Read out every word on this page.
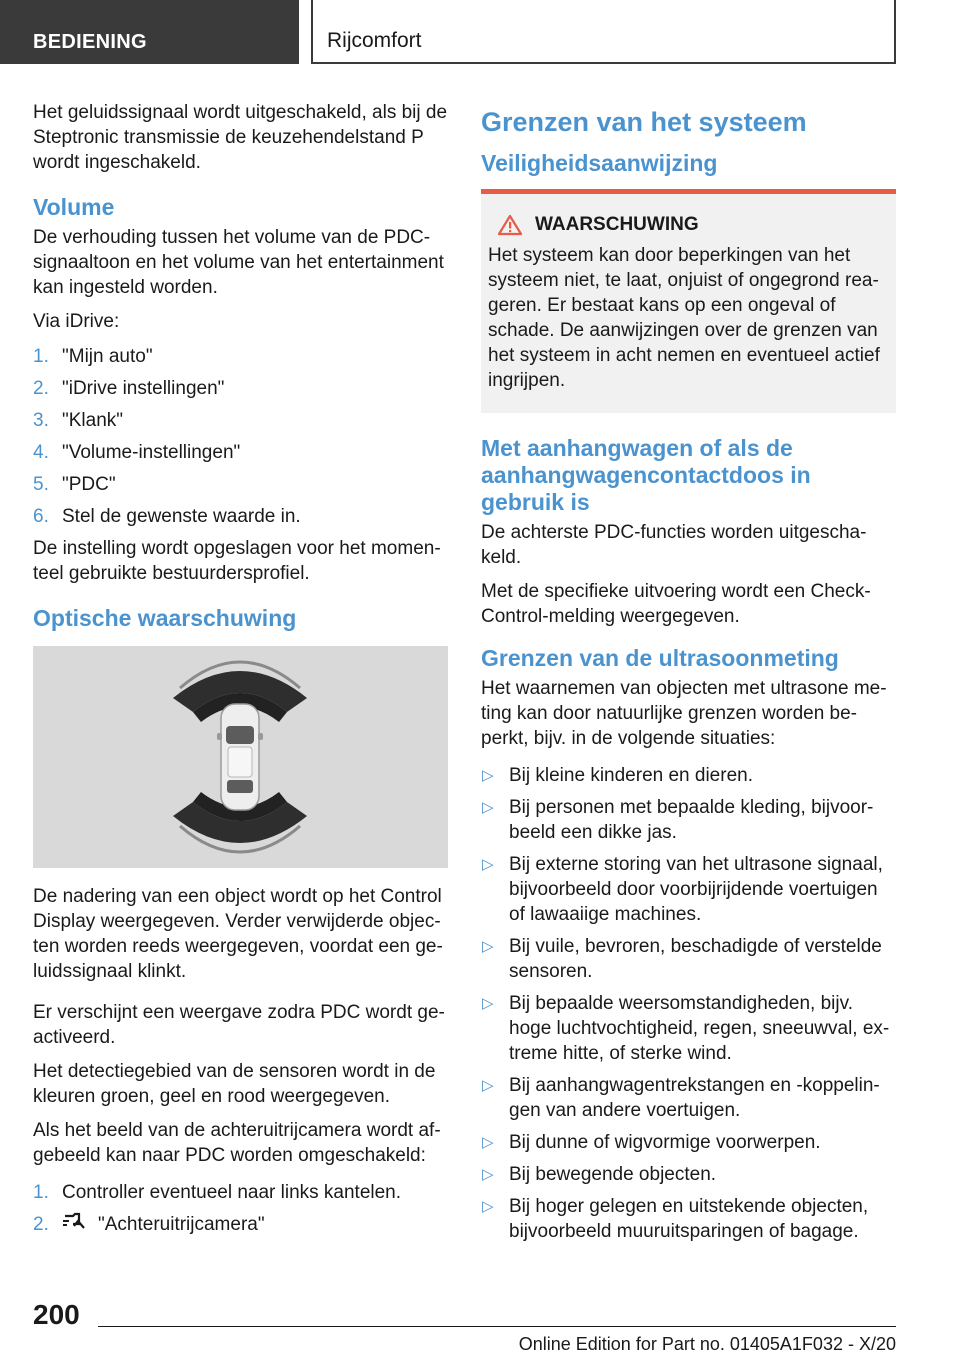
BEDIENING	Rijcomfort

Het geluidssignaal wordt uitgeschakeld, als bij de Steptronic transmissie de keuzehendelstand P wordt ingeschakeld.

Volume

De verhouding tussen het volume van de PDC-signaaltoon en het volume van het entertainment kan ingesteld worden.

Via iDrive:

1. "Mijn auto"
2. "iDrive instellingen"
3. "Klank"
4. "Volume-instellingen"
5. "PDC"
6. Stel de gewenste waarde in.

De instelling wordt opgeslagen voor het momen-teel gebruikte bestuurdersprofiel.

Optische waarschuwing

De nadering van een object wordt op het Control Display weergegeven. Verder verwijderde objec-ten worden reeds weergegeven, voordat een ge-luidssignaal klinkt.

Er verschijnt een weergave zodra PDC wordt ge-activeerd.

Het detectiegebied van de sensoren wordt in de kleuren groen, geel en rood weergegeven.

Als het beeld van de achteruitrijcamera wordt af-gebeeld kan naar PDC worden omgeschakeld:

1. Controller eventueel naar links kantelen.
2.	"Achteruitrijcamera"
Grenzen van het systeem
Veiligheidsaanwijzing
WAARSCHUWING

Het systeem kan door beperkingen van het systeem niet, te laat, onjuist of ongegrond rea-geren. Er bestaat kans op een ongeval of schade. De aanwijzingen over de grenzen van het systeem in acht nemen en eventueel actief ingrijpen.

Met aanhangwagen of als de aanhangwagencontactdoos in gebruik is

De achterste PDC-functies worden uitgescha-keld.

Met de specifieke uitvoering wordt een Check-Control-melding weergegeven.

Grenzen van de ultrasoonmeting

Het waarnemen van objecten met ultrasone me-ting kan door natuurlijke grenzen worden be-perkt, bijv. in de volgende situaties:

▷ Bij kleine kinderen en dieren.
▷ Bij personen met bepaalde kleding, bijvoor-beeld een dikke jas.
▷ Bij externe storing van het ultrasone signaal, bijvoorbeeld door voorbijrijdende voertuigen of lawaaiige machines.
▷ Bij vuile, bevroren, beschadigde of verstelde sensoren.
▷ Bij bepaalde weersomstandigheden, bijv. hoge luchtvochtigheid, regen, sneeuwval, ex-treme hitte, of sterke wind.
▷ Bij aanhangwagentrekstangen en -koppelin-gen van andere voertuigen.
▷ Bij dunne of wigvormige voorwerpen.
▷ Bij bewegende objecten.
▷ Bij hoger gelegen en uitstekende objecten, bijvoorbeeld muuruitsparingen of bagage.
200
Online Edition for Part no. 01405A1F032 - X/20
